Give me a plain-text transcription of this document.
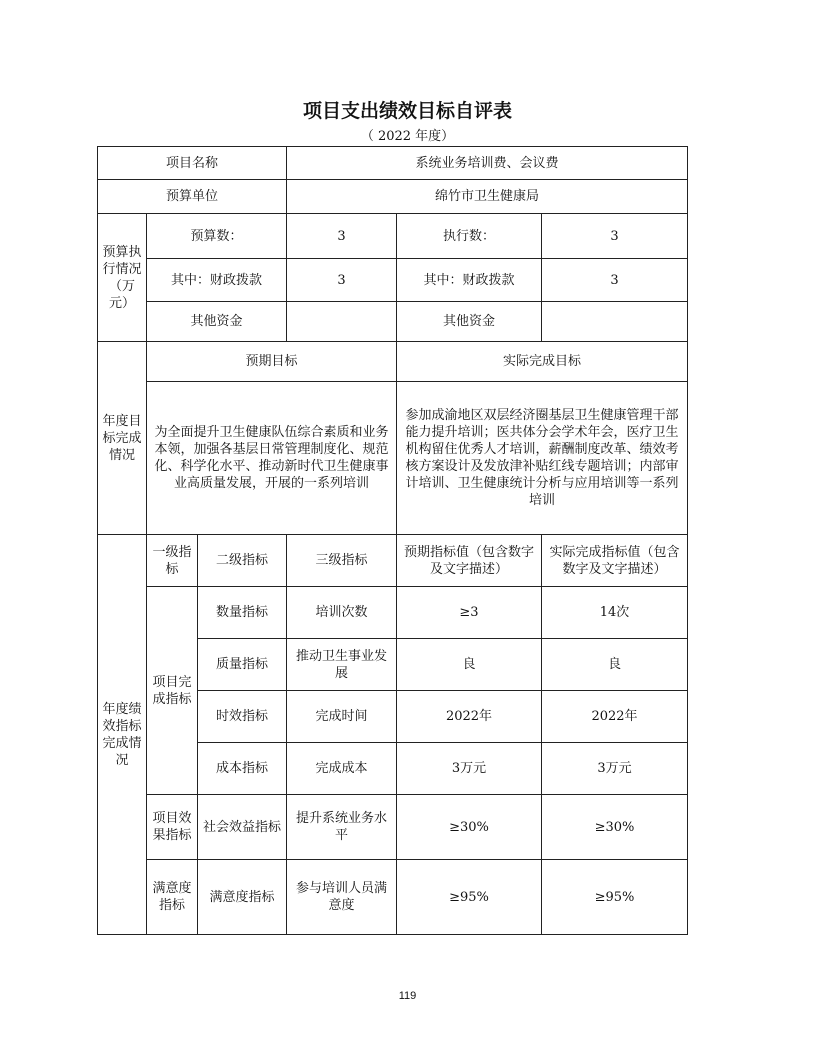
项目支出绩效目标自评表
（ 2022 年度）
项目名称			系统业务培训费、会议费		
预算单位			绵竹市卫生健康局		
预算执行情况（万元）	预算数：		3	执行数：	3
	其中：财政拨款		3	其中：财政拨款	3
	其他资金			其他资金	
年度目标完成情况	预期目标			实际完成目标	
	为全面提升卫生健康队伍综合素质和业务本领，加强各基层日常管理制度化、规范化、科学化水平、推动新时代卫生健康事业高质量发展，开展的一系列培训			参加成渝地区双层经济圈基层卫生健康管理干部能力提升培训；医共体分会学术年会，医疗卫生机构留住优秀人才培训，薪酬制度改革、绩效考核方案设计及发放津补贴红线专题培训；内部审计培训、卫生健康统计分析与应用培训等一系列培训	
年度绩效指标完成情况	一级指标	二级指标	三级指标	预期指标值（包含数字及文字描述）	实际完成指标值（包含数字及文字描述）
	项目完成指标	数量指标	培训次数	≥3	14次
		质量指标	推动卫生事业发展	良	良
		时效指标	完成时间	2022年	2022年
		成本指标	完成成本	3万元	3万元
	项目效果指标	社会效益指标	提升系统业务水平	≥30%	≥30%
	满意度指标	满意度指标	参与培训人员满意度	≥95%	≥95%
119
